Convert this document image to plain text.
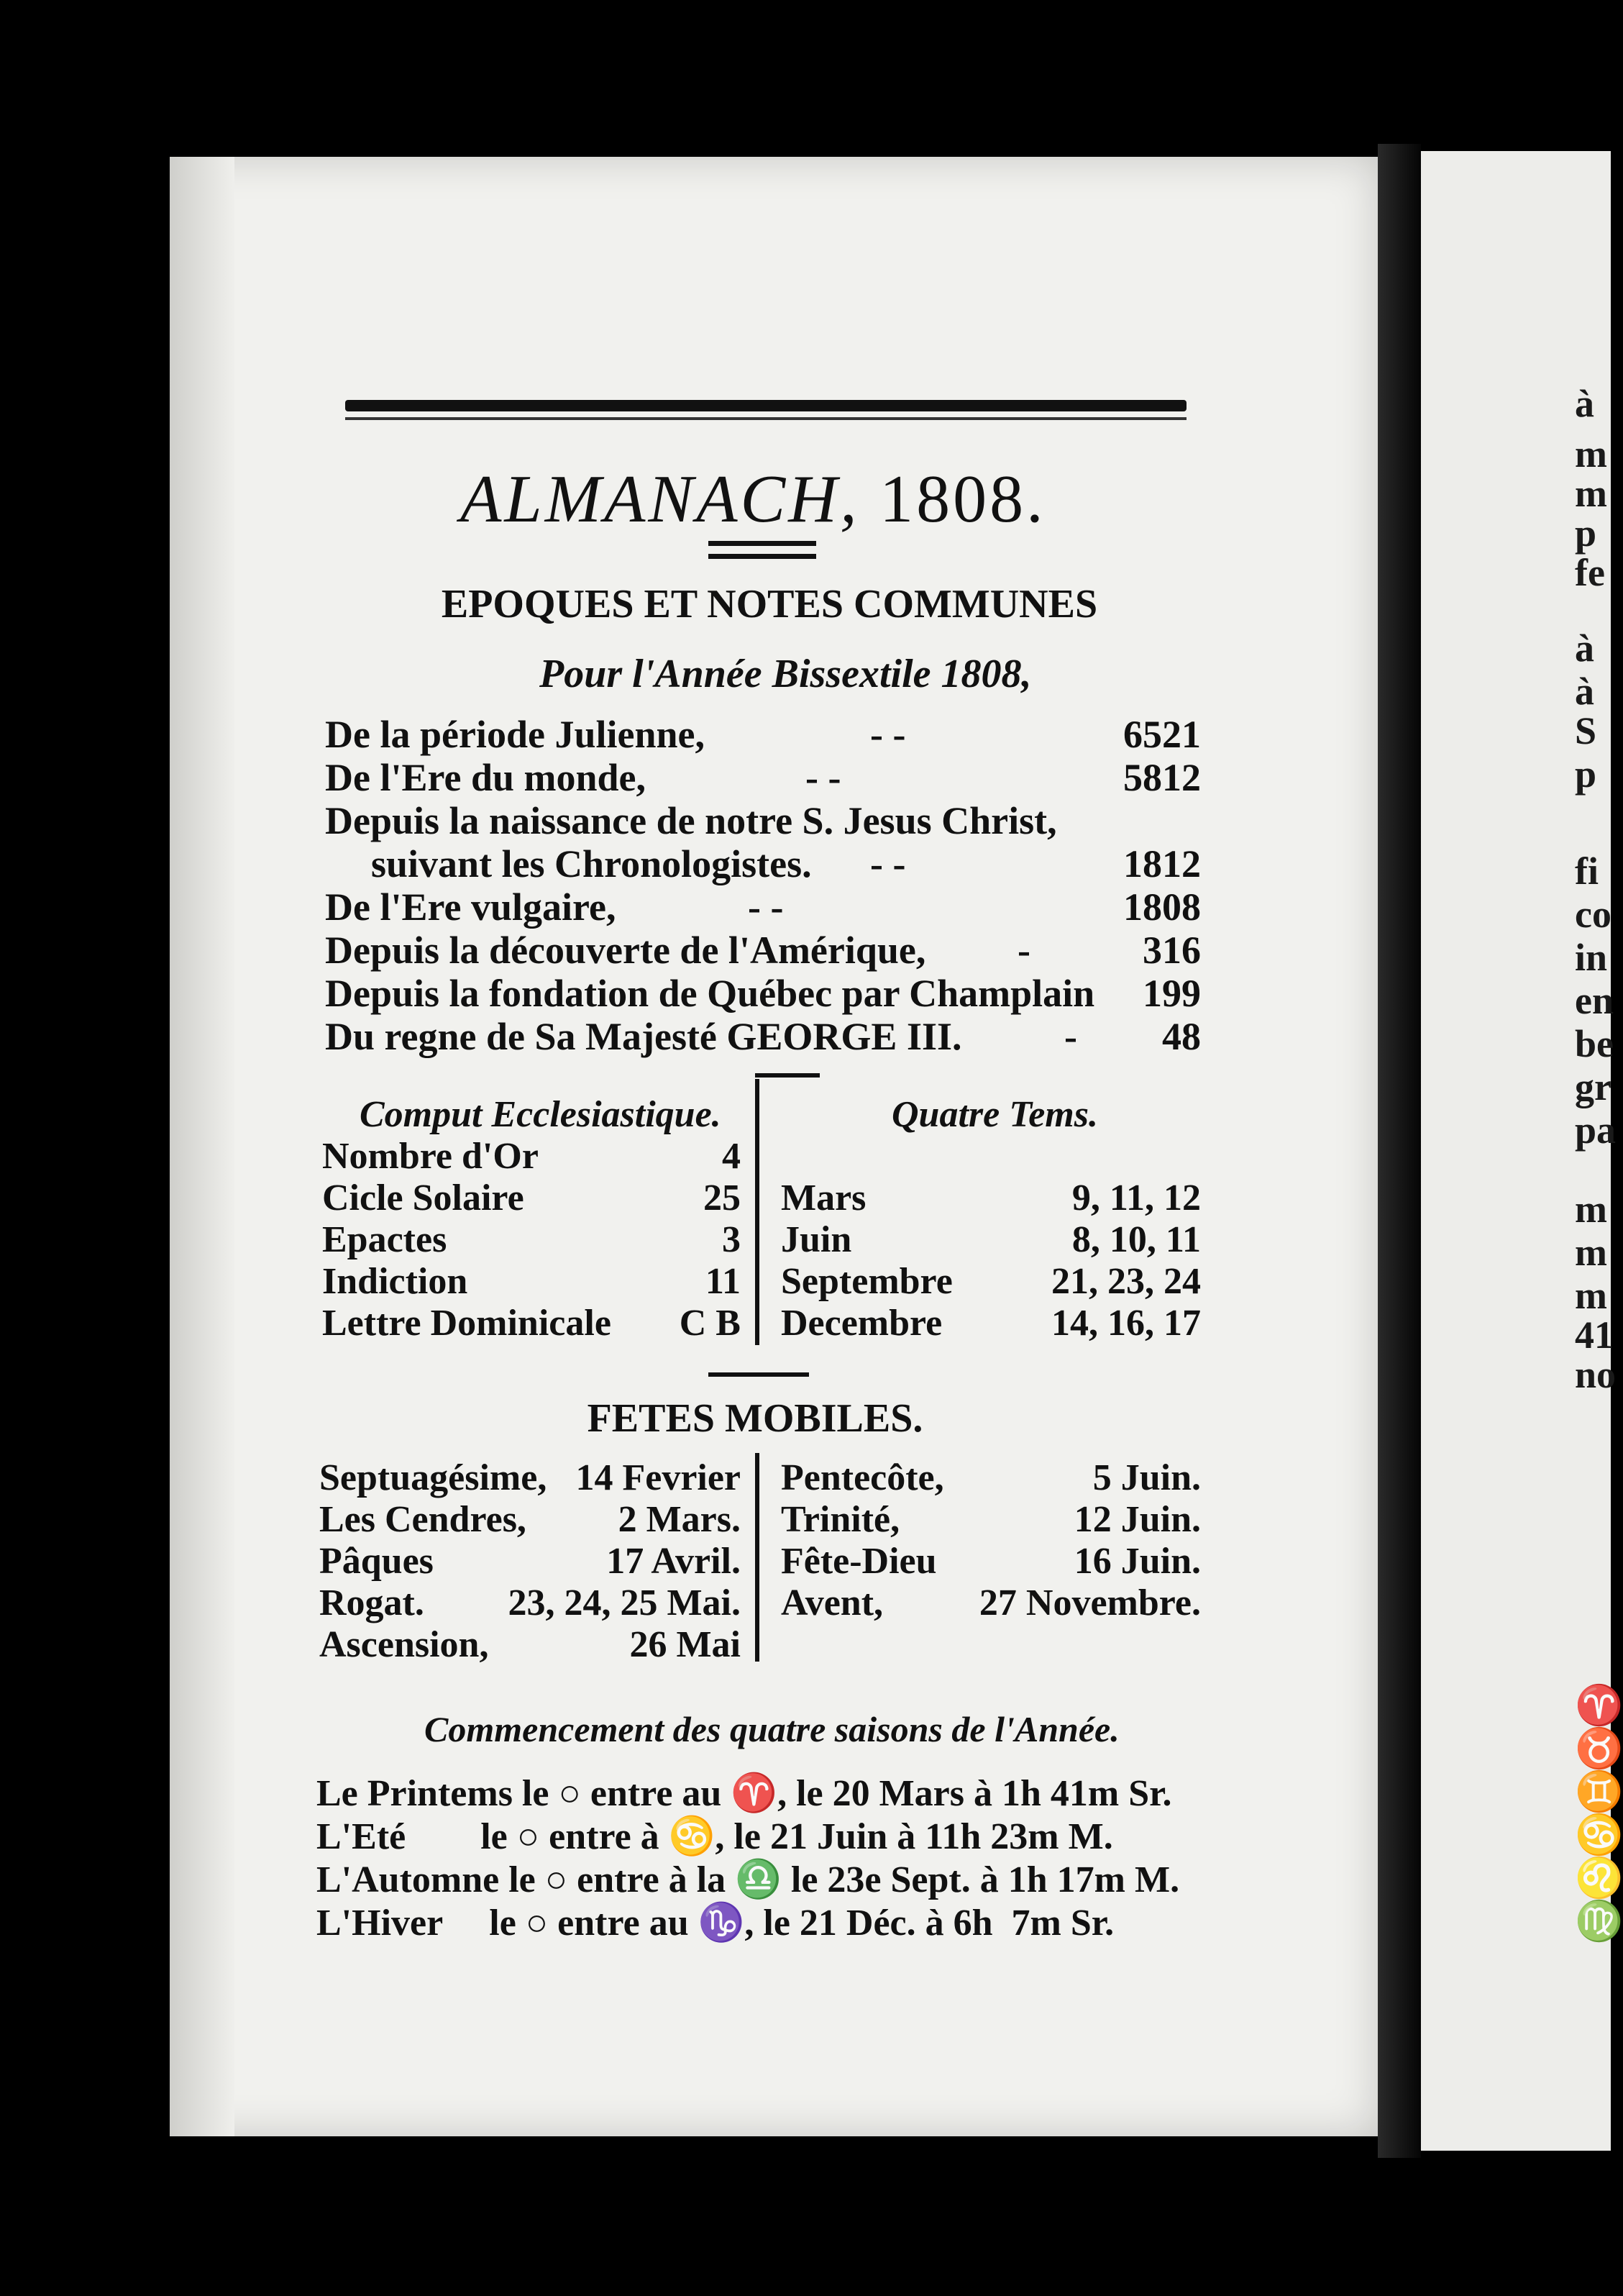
à
m
m
p
fe
à
à
S
p
fi
co
in
en
be
gr
pa
m
m
m
41
no
♈
♉
♊
♋
♌
♍
ALMANACH, 1808.
EPOQUES ET NOTES COMMUNES
Pour l'Année Bissextile 1808,
De la période Julienne,	- -	6521
De l'Ere du monde,	- -	5812
Depuis la naissance de notre S. Jesus Christ,
suivant les Chronologistes. - -	1812
De l'Ere vulgaire,	- -	1808
Depuis la découverte de l'Amérique, -	316
Depuis la fondation de Québec par Champlain	199
Du regne de Sa Majesté GEORGE III.	-	48
Comput Ecclesiastique.	Quatre Tems.
Nombre d'Or	4
Cicle Solaire	25
Epactes	3
Indiction	11
Lettre Dominicale	C B
Mars	9, 11, 12
Juin	8, 10, 11
Septembre	21, 23, 24
Decembre	14, 16, 17
FETES MOBILES.
Septuagésime, 14 Fevrier
Les Cendres,	2 Mars.
Pâques	17 Avril.
Rogat.	23, 24, 25 Mai.
Ascension,	26 Mai
Pentecôte,	5 Juin.
Trinité,	12 Juin.
Fête-Dieu	16 Juin.
Avent,	27 Novembre.
Commencement des quatre saisons de l'Année.
Le Printems le ○ entre au ♈, le 20 Mars à 1h 41m Sr.
L'Eté        le ○ entre à ♋, le 21 Juin à 11h 23m M.
L'Automne le ○ entre à la ♎ le 23e Sept. à 1h 17m M.
L'Hiver     le ○ entre au ♑, le 21 Déc. à 6h  7m Sr.
